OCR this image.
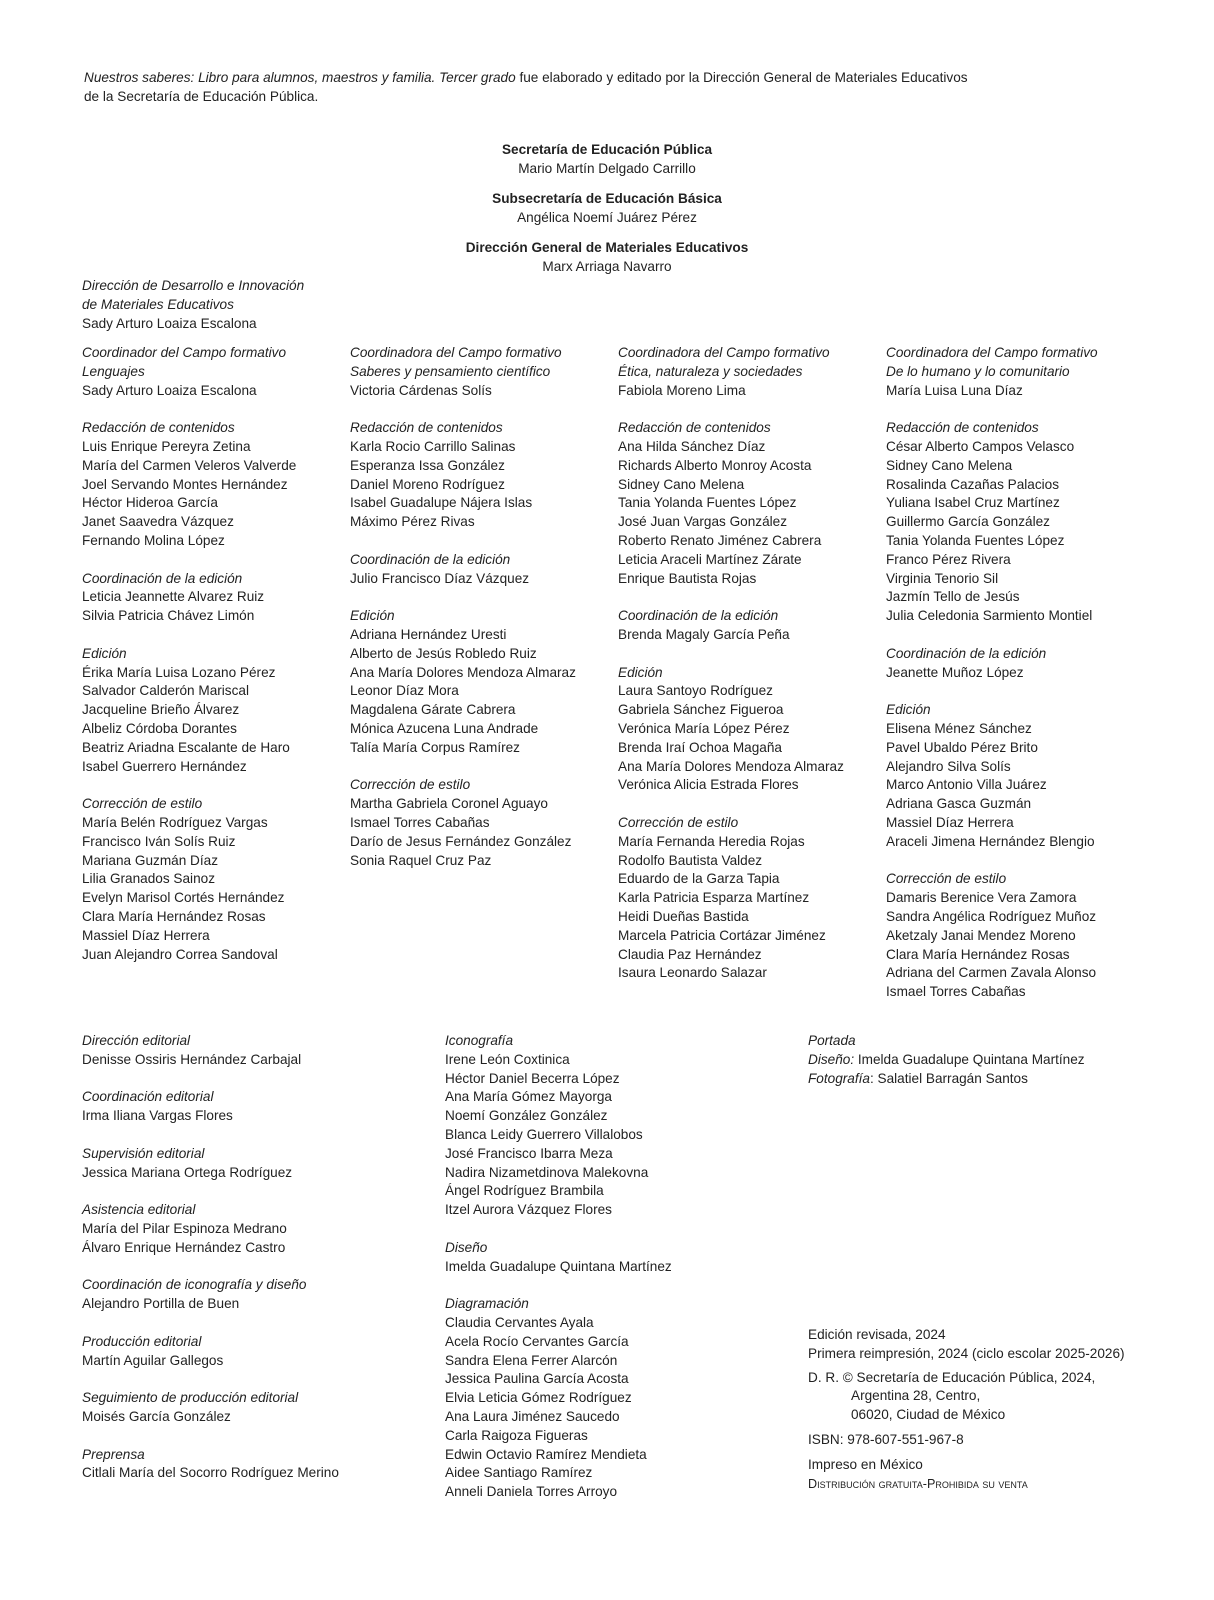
Nuestros saberes: Libro para alumnos, maestros y familia. Tercer grado fue elaborado y editado por la Dirección General de Materiales Educativos
de la Secretaría de Educación Pública.
Secretaría de Educación Pública
Mario Martín Delgado Carrillo
Subsecretaría de Educación Básica
Angélica Noemí Juárez Pérez
Dirección General de Materiales Educativos
Marx Arriaga Navarro
Dirección de Desarrollo e Innovación
de Materiales Educativos
Sady Arturo Loaiza Escalona
Coordinador del Campo formativo
Lenguajes
Sady Arturo Loaiza Escalona
Redacción de contenidos
Luis Enrique Pereyra Zetina
María del Carmen Veleros Valverde
Joel Servando Montes Hernández
Héctor Hideroa García
Janet Saavedra Vázquez
Fernando Molina López
Coordinación de la edición
Leticia Jeannette Alvarez Ruiz
Silvia Patricia Chávez Limón
Edición
Érika María Luisa Lozano Pérez
Salvador Calderón Mariscal
Jacqueline Brieño Álvarez
Albeliz Córdoba Dorantes
Beatriz Ariadna Escalante de Haro
Isabel Guerrero Hernández
Corrección de estilo
María Belén Rodríguez Vargas
Francisco Iván Solís Ruiz
Mariana Guzmán Díaz
Lilia Granados Sainoz
Evelyn Marisol Cortés Hernández
Clara María Hernández Rosas
Massiel Díaz Herrera
Juan Alejandro Correa Sandoval
Coordinadora del Campo formativo
Saberes y pensamiento científico
Victoria Cárdenas Solís
Redacción de contenidos
Karla Rocio Carrillo Salinas
Esperanza Issa González
Daniel Moreno Rodríguez
Isabel Guadalupe Nájera Islas
Máximo Pérez Rivas
Coordinación de la edición
Julio Francisco Díaz Vázquez
Edición
Adriana Hernández Uresti
Alberto de Jesús Robledo Ruiz
Ana María Dolores Mendoza Almaraz
Leonor Díaz Mora
Magdalena Gárate Cabrera
Mónica Azucena Luna Andrade
Talía María Corpus Ramírez
Corrección de estilo
Martha Gabriela Coronel Aguayo
Ismael Torres Cabañas
Darío de Jesus Fernández González
Sonia Raquel Cruz Paz
Coordinadora del Campo formativo
Ética, naturaleza y sociedades
Fabiola Moreno Lima
Redacción de contenidos
Ana Hilda Sánchez Díaz
Richards Alberto Monroy Acosta
Sidney Cano Melena
Tania Yolanda Fuentes López
José Juan Vargas González
Roberto Renato Jiménez Cabrera
Leticia Araceli Martínez Zárate
Enrique Bautista Rojas
Coordinación de la edición
Brenda Magaly García Peña
Edición
Laura Santoyo Rodríguez
Gabriela Sánchez Figueroa
Verónica María López Pérez
Brenda Iraí Ochoa Magaña
Ana María Dolores Mendoza Almaraz
Verónica Alicia Estrada Flores
Corrección de estilo
María Fernanda Heredia Rojas
Rodolfo Bautista Valdez
Eduardo de la Garza Tapia
Karla Patricia Esparza Martínez
Heidi Dueñas Bastida
Marcela Patricia Cortázar Jiménez
Claudia Paz Hernández
Isaura Leonardo Salazar
Coordinadora del Campo formativo
De lo humano y lo comunitario
María Luisa Luna Díaz
Redacción de contenidos
César Alberto Campos Velasco
Sidney Cano Melena
Rosalinda Cazañas Palacios
Yuliana Isabel Cruz Martínez
Guillermo García González
Tania Yolanda Fuentes López
Franco Pérez Rivera
Virginia Tenorio Sil
Jazmín Tello de Jesús
Julia Celedonia Sarmiento Montiel
Coordinación de la edición
Jeanette Muñoz López
Edición
Elisena Ménez Sánchez
Pavel Ubaldo Pérez Brito
Alejandro Silva Solís
Marco Antonio Villa Juárez
Adriana Gasca Guzmán
Massiel Díaz Herrera
Araceli Jimena Hernández Blengio
Corrección de estilo
Damaris Berenice Vera Zamora
Sandra Angélica Rodríguez Muñoz
Aketzaly Janai Mendez Moreno
Clara María Hernández Rosas
Adriana del Carmen Zavala Alonso
Ismael Torres Cabañas
Dirección editorial
Denisse Ossiris Hernández Carbajal
Coordinación editorial
Irma Iliana Vargas Flores
Supervisión editorial
Jessica Mariana Ortega Rodríguez
Asistencia editorial
María del Pilar Espinoza Medrano
Álvaro Enrique Hernández Castro
Coordinación de iconografía y diseño
Alejandro Portilla de Buen
Producción editorial
Martín Aguilar Gallegos
Seguimiento de producción editorial
Moisés García González
Preprensa
Citlali María del Socorro Rodríguez Merino
Iconografía
Irene León Coxtinica
Héctor Daniel Becerra López
Ana María Gómez Mayorga
Noemí González González
Blanca Leidy Guerrero Villalobos
José Francisco Ibarra Meza
Nadira Nizametdinova Malekovna
Ángel Rodríguez Brambila
Itzel Aurora Vázquez Flores
Diseño
Imelda Guadalupe Quintana Martínez
Diagramación
Claudia Cervantes Ayala
Acela Rocío Cervantes García
Sandra Elena Ferrer Alarcón
Jessica Paulina García Acosta
Elvia Leticia Gómez Rodríguez
Ana Laura Jiménez Saucedo
Carla Raigoza Figueras
Edwin Octavio Ramírez Mendieta
Aidee Santiago Ramírez
Anneli Daniela Torres Arroyo
Portada
Diseño: Imelda Guadalupe Quintana Martínez
Fotografía: Salatiel Barragán Santos

Edición revisada, 2024

Primera reimpresión, 2024 (ciclo escolar 2025-2026)

D. R. © Secretaría de Educación Pública, 2024,

Argentina 28, Centro,

06020, Ciudad de México

ISBN: 978-607-551-967-8

Impreso en México

Distribución gratuita-Prohibida su venta
